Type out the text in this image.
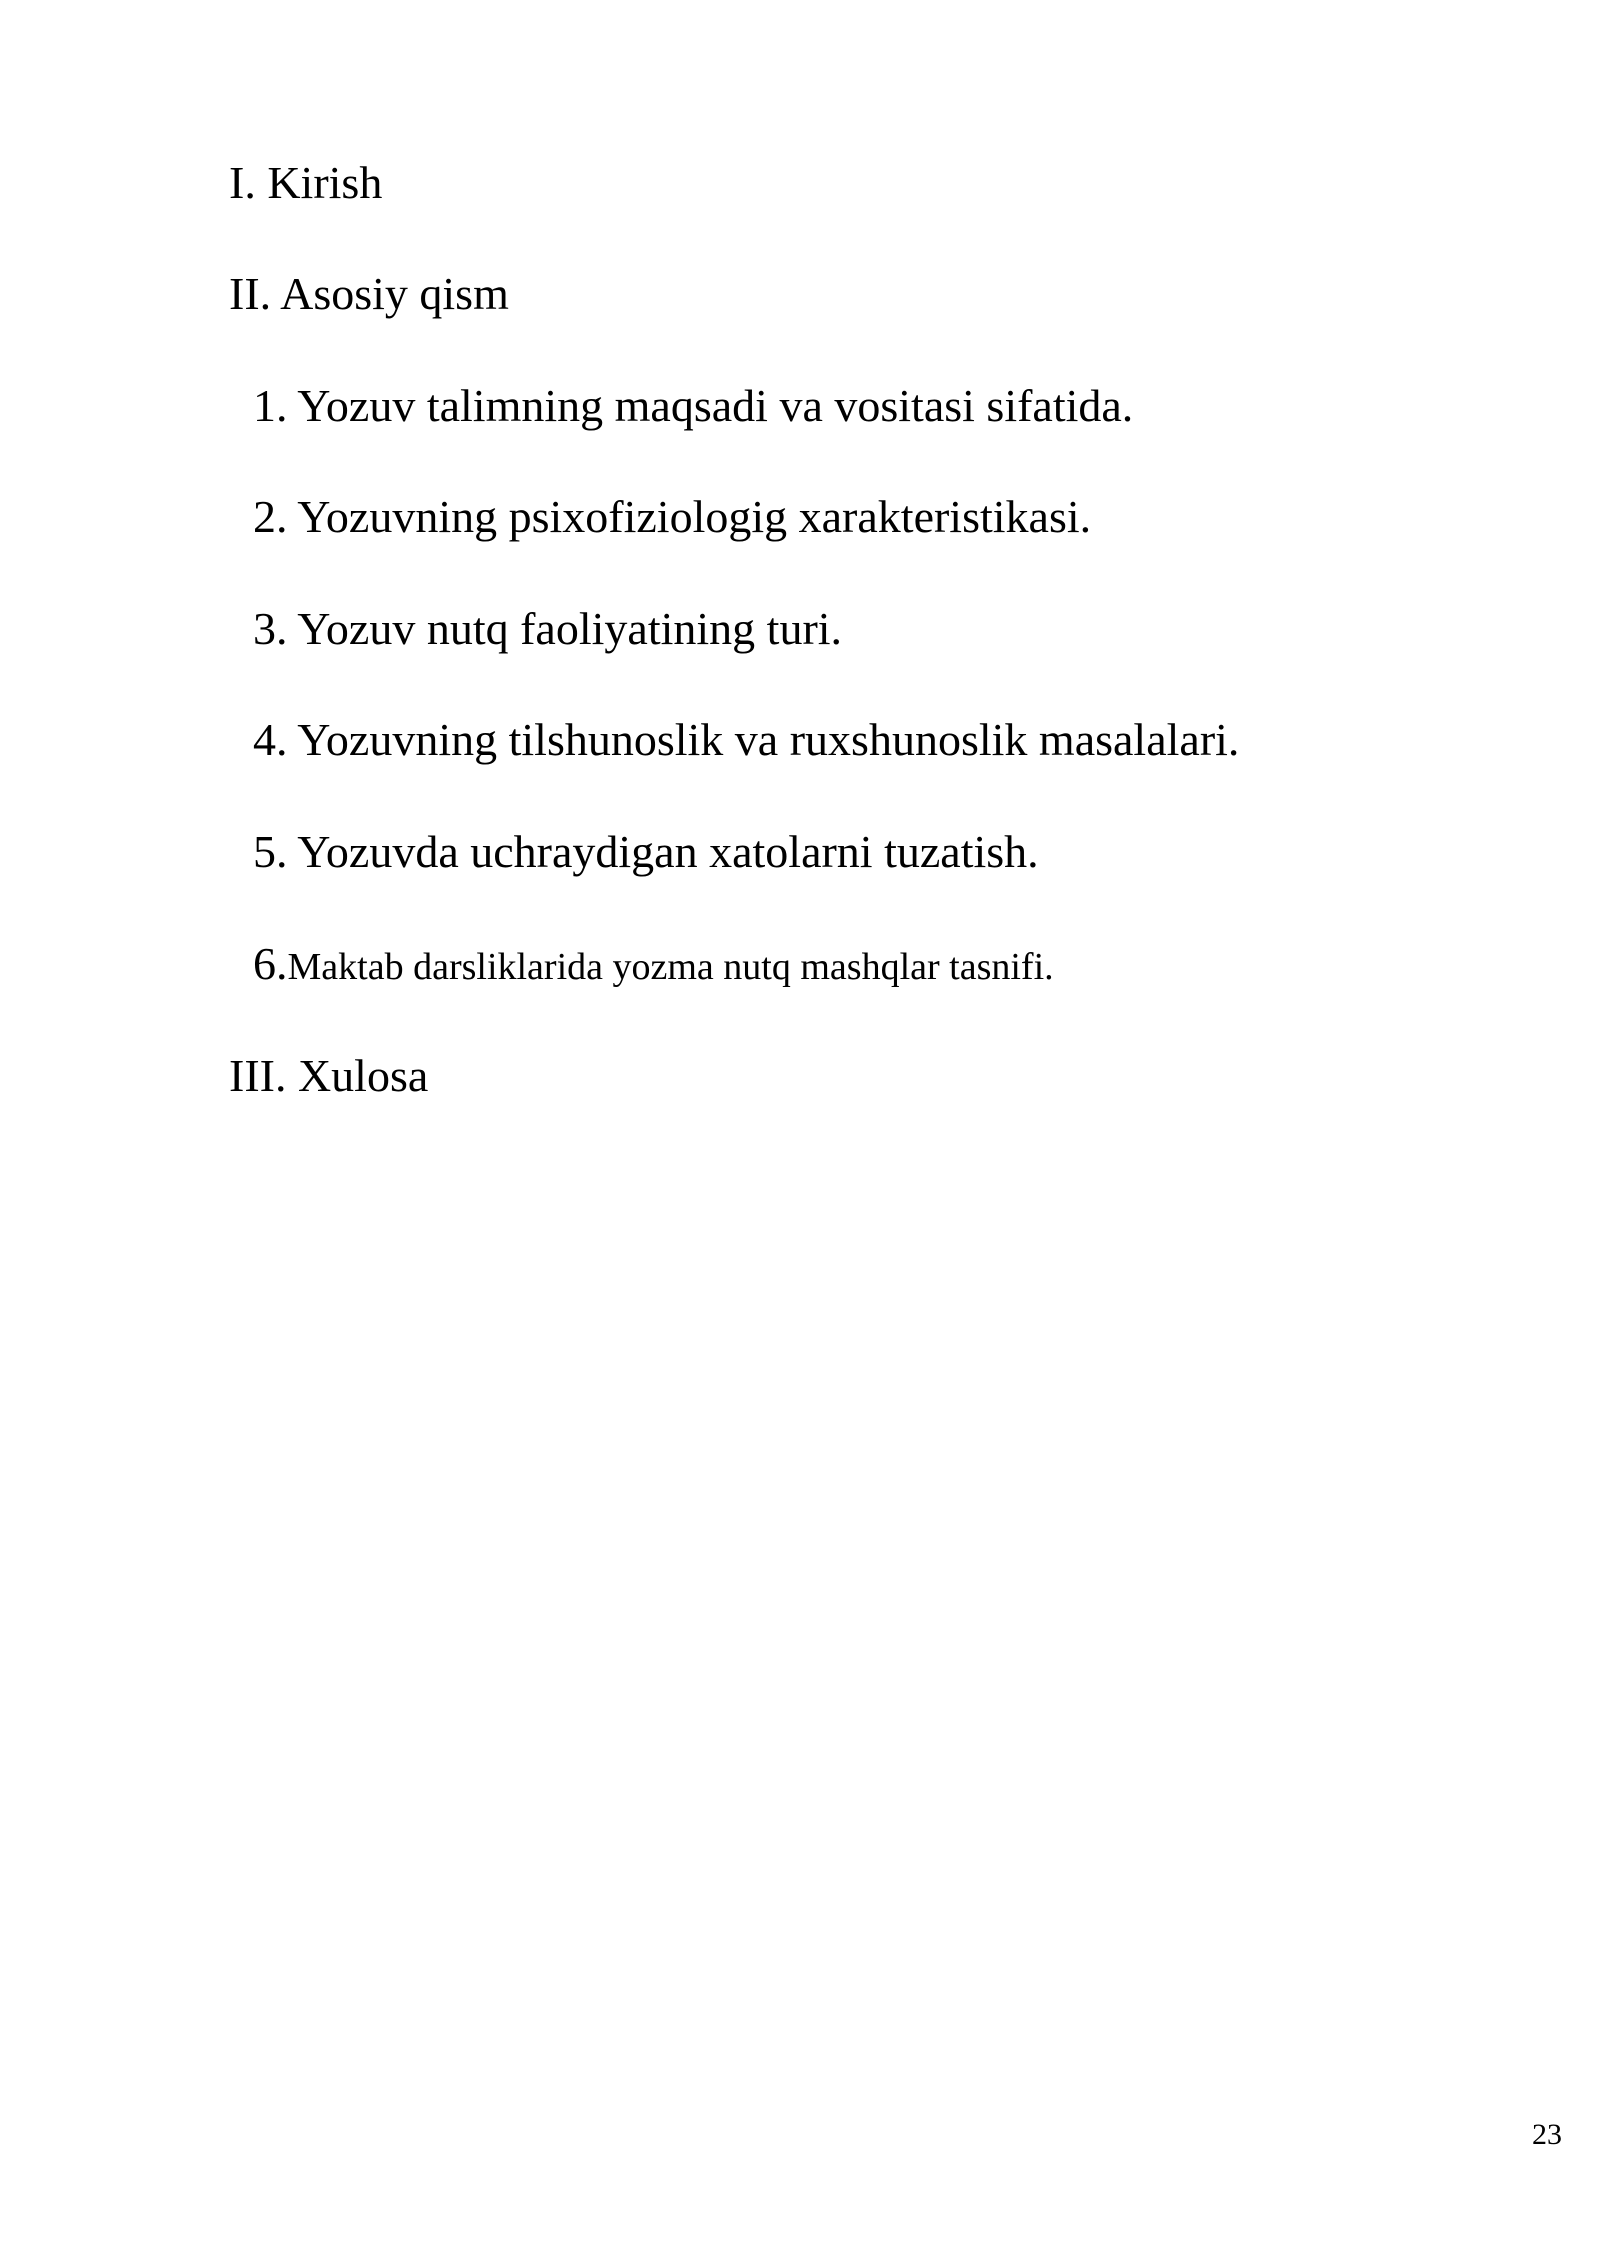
I. Kirish
II. Asosiy qism
1. Yozuv talimning maqsadi va vositasi sifatida.
2. Yozuvning psixofiziologig xarakteristikasi.
3. Yozuv nutq faoliyatining turi.
4. Yozuvning tilshunoslik va ruxshunoslik masalalari.
5. Yozuvda uchraydigan xatolarni tuzatish.
6.Maktab darsliklarida yozma nutq mashqlar tasnifi.
III. Xulosa
23
